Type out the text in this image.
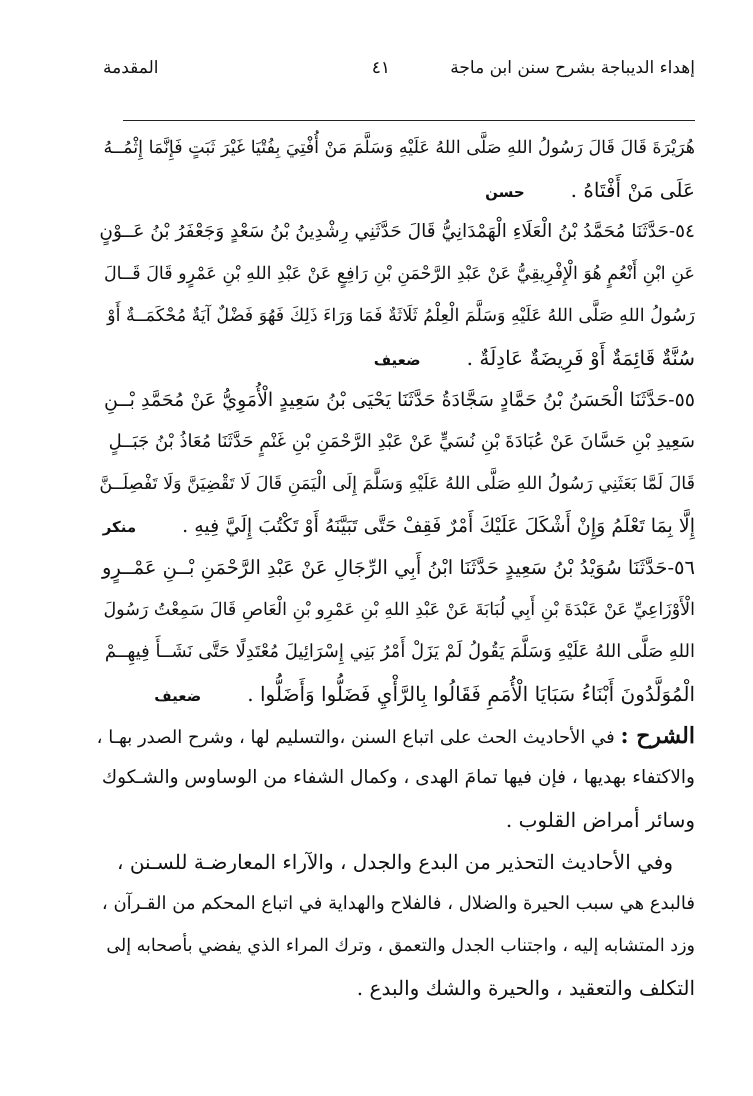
إهداء الديباجة بشرح سنن ابن ماجة
٤١
المقدمة
هُرَيْرَةَ قَالَ قَالَ رَسُولُ اللهِ صَلَّى اللهُ عَلَيْهِ وَسَلَّمَ مَنْ أُفْتِيَ بِفُتْيَا غَيْرَ ثَبَتٍ فَإِنَّمَا إِثْمُــهُ
عَلَى مَنْ أَفْتَاهُ .حسن
٥٤-حَدَّثَنَا مُحَمَّدُ بْنُ الْعَلَاءِ الْهَمْدَانِيُّ قَالَ حَدَّثَنِي رِشْدِينُ بْنُ سَعْدٍ وَجَعْفَرُ بْنُ عَــوْنٍ
عَنِ ابْنِ أَنْعُمٍ هُوَ الْإِفْرِيقِيُّ عَنْ عَبْدِ الرَّحْمَنِ بْنِ رَافِعٍ عَنْ عَبْدِ اللهِ بْنِ عَمْرٍو قَالَ قَــالَ
رَسُولُ اللهِ صَلَّى اللهُ عَلَيْهِ وَسَلَّمَ الْعِلْمُ ثَلَاثَةٌ فَمَا وَرَاءَ ذَلِكَ فَهُوَ فَضْلٌ آيَةٌ مُحْكَمَــةٌ أَوْ
سُنَّةٌ قَائِمَةٌ أَوْ فَرِيضَةٌ عَادِلَةٌ .ضعيف
٥٥-حَدَّثَنَا الْحَسَنُ بْنُ حَمَّادٍ سَجَّادَةُ حَدَّثَنَا يَحْيَى بْنُ سَعِيدٍ الْأُمَوِيُّ عَنْ مُحَمَّدِ بْــنِ
سَعِيدِ بْنِ حَسَّانَ عَنْ عُبَادَةَ بْنِ نُسَيٍّ عَنْ عَبْدِ الرَّحْمَنِ بْنِ غَنْمٍ حَدَّثَنَا مُعَاذُ بْنُ جَبَــلٍ
قَالَ لَمَّا بَعَثَنِي رَسُولُ اللهِ صَلَّى اللهُ عَلَيْهِ وَسَلَّمَ إِلَى الْيَمَنِ قَالَ لَا تَقْضِيَنَّ وَلَا تَفْصِلَــنَّ
إِلَّا بِمَا تَعْلَمُ وَإِنْ أَشْكَلَ عَلَيْكَ أَمْرٌ فَقِفْ حَتَّى تَبَيَّنَهُ أَوْ تَكْتُبَ إِلَيَّ فِيهِ .منكر
٥٦-حَدَّثَنَا سُوَيْدُ بْنُ سَعِيدٍ حَدَّثَنَا ابْنُ أَبِي الرِّجَالِ عَنْ عَبْدِ الرَّحْمَنِ بْــنِ عَمْــرٍو
الْأَوْزَاعِيِّ عَنْ عَبْدَةَ بْنِ أَبِي لُبَابَةَ عَنْ عَبْدِ اللهِ بْنِ عَمْرِو بْنِ الْعَاصِ قَالَ سَمِعْتُ رَسُولَ
اللهِ صَلَّى اللهُ عَلَيْهِ وَسَلَّمَ يَقُولُ لَمْ يَزَلْ أَمْرُ بَنِي إِسْرَائِيلَ مُعْتَدِلًا حَتَّى نَشَــأَ فِيهِــمْ
الْمُوَلَّدُونَ أَبْنَاءُ سَبَايَا الْأُمَمِ فَقَالُوا بِالرَّأْيِ فَضَلُّوا وَأَضَلُّوا .ضعيف
الشرح : في الأحاديث الحث على اتباع السنن ،والتسليم لها ، وشرح الصدر بهـا ،
والاكتفاء بهديها ، فإن فيها تمامَ الهدى ، وكمال الشفاء من الوساوس والشـكوك
وسائر أمراض القلوب .
وفي الأحاديث التحذير من البدع والجدل ، والآراء المعارضـة للسـنن ،
فالبدع هي سبب الحيرة والضلال ، فالفلاح والهداية في اتباع المحكم من القـرآن ،
وزد المتشابه إليه ، واجتناب الجدل والتعمق ، وترك المراء الذي يفضي بأصحابه إلى
التكلف والتعقيد ، والحيرة والشك والبدع .
